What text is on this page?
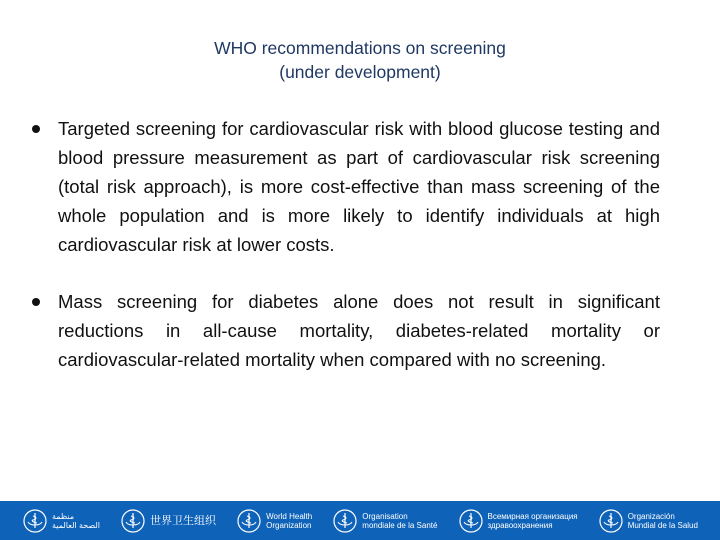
WHO recommendations on screening
(under development)
Targeted screening for cardiovascular risk with blood glucose testing and blood pressure measurement as part of cardiovascular risk screening (total risk approach), is more cost-effective than mass screening of the whole population and is more likely to identify individuals at high cardiovascular risk at lower costs.
Mass screening for diabetes alone does not result in significant reductions in all-cause mortality, diabetes-related mortality or cardiovascular-related mortality when compared with no screening.
منظمة
الصحة العالمية	世界卫生组织	World Health
Organization
Organisation
mondiale de la Santé
Всемирная организация
здравоохранения
Organización
Mundial de la Salud
